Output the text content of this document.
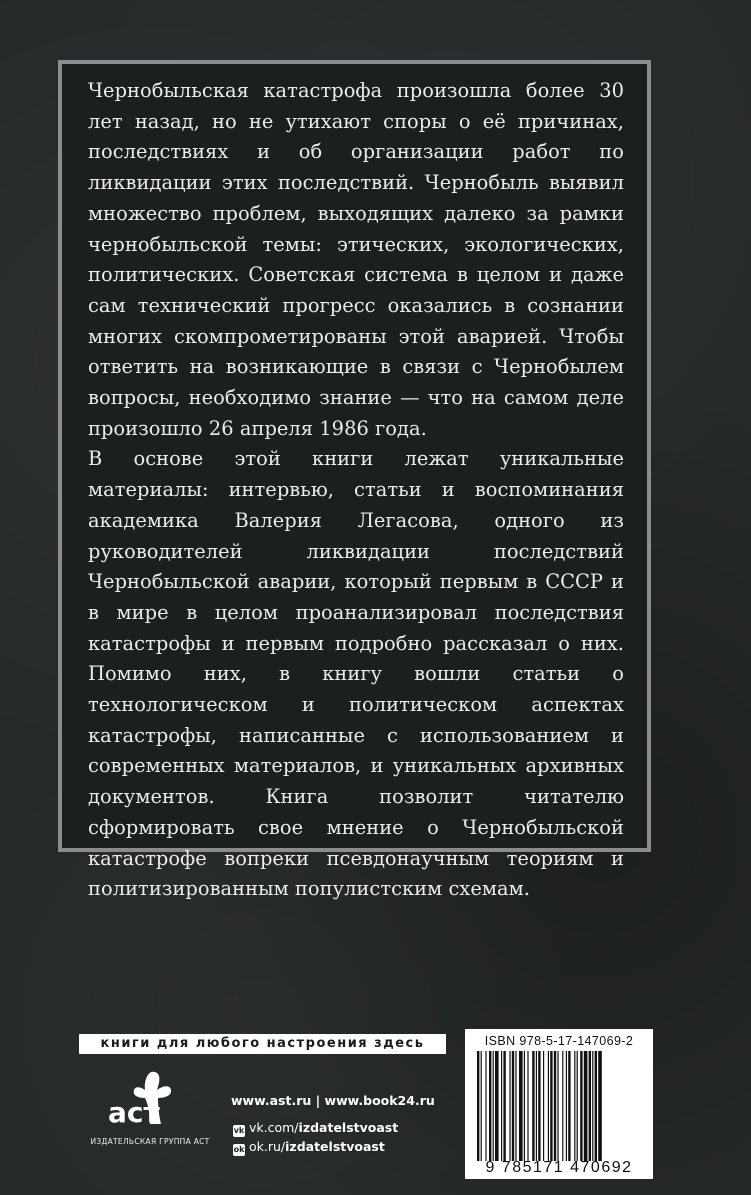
Чернобыльская катастрофа произошла более 30 лет назад, но не утихают споры о её причинах, последствиях и об организации работ по ликвидации этих последствий. Чернобыль выявил множество проблем, выходящих далеко за рамки чернобыльской темы: этических, экологических, политических. Советская система в целом и даже сам технический прогресс оказались в сознании многих скомпрометированы этой аварией. Чтобы ответить на возникающие в связи с Чернобылем вопросы, необходимо знание — что на самом деле произошло 26 апреля 1986 года.

В основе этой книги лежат уникальные материалы: интервью, статьи и воспоминания академика Валерия Легасова, одного из руководителей ликвидации последствий Чернобыльской аварии, который первым в СССР и в мире в целом проанализировал последствия катастрофы и первым подробно рассказал о них. Помимо них, в книгу вошли статьи о технологическом и политическом аспектах катастрофы, написанные с использованием и современных материалов, и уникальных архивных документов. Книга позволит читателю сформировать свое мнение о Чернобыльской катастрофе вопреки псевдонаучным теориям и политизированным популистским схемам.

книги для любого настроения здесь
аст
ИЗДАТЕЛЬСКАЯ ГРУППА АСТ
www.ast.ru | www.book24.ru
vk vk.com/izdatelstvoast
ok ok.ru/izdatelstvoast
ISBN 978-5-17-147069-2
9 785171 470692
